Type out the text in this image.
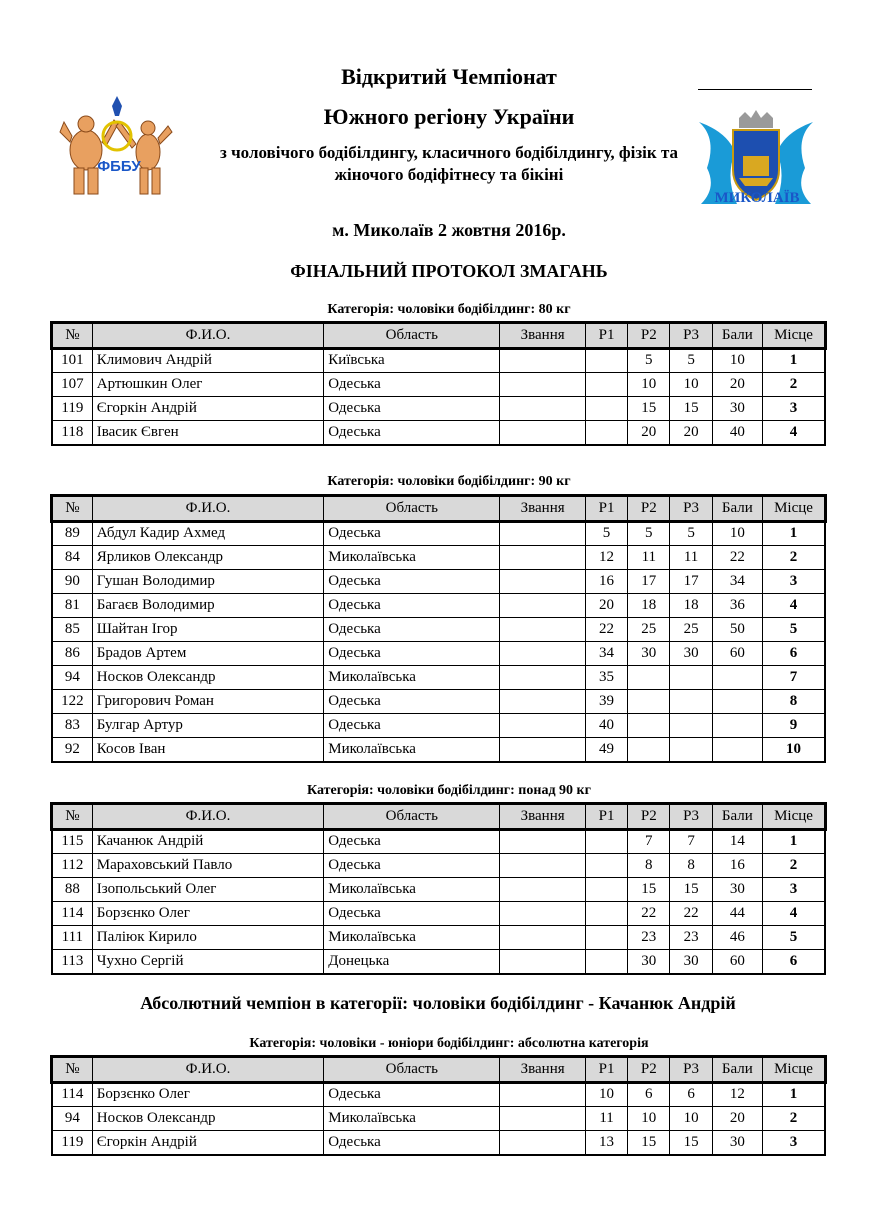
ФББУ
МИКОЛАЇВ
Відкритий Чемпіонат
Южного регіону України
з чоловічого бодібілдингу, класичного бодібілдингу, фізік та жіночого бодіфітнесу та бікіні
м. Миколаїв 2 жовтня 2016р.
ФІНАЛЬНИЙ ПРОТОКОЛ ЗМАГАНЬ
Категорія: чоловіки бодібілдинг: 80 кг
Категорія: чоловіки бодібілдинг: 90 кг
Категорія: чоловіки бодібілдинг: понад 90 кг
Категорія: чоловіки - юніори бодібілдинг: абсолютна категорія
Абсолютний чемпіон в категорії: чоловіки бодібілдинг - Качанюк Андрій
№	Ф.И.О.	Область	Звання	Р1	Р2	Р3	Бали	Місце
101	Климович Андрій	Київська			5	5	10	1
107	Артюшкин Олег	Одеська			10	10	20	2
119	Єгоркін Андрій	Одеська			15	15	30	3
118	Івасик Євген	Одеська			20	20	40	4
№	Ф.И.О.	Область	Звання	Р1	Р2	Р3	Бали	Місце
89	Абдул Кадир Ахмед	Одеська		5	5	5	10	1
84	Ярликов Олександр	Миколаївська		12	11	11	22	2
90	Гушан Володимир	Одеська		16	17	17	34	3
81	Багаєв Володимир	Одеська		20	18	18	36	4
85	Шайтан Ігор	Одеська		22	25	25	50	5
86	Брадов Артем	Одеська		34	30	30	60	6
94	Носков Олександр	Миколаївська		35				7
122	Григорович Роман	Одеська		39				8
83	Булгар Артур	Одеська		40				9
92	Косов Іван	Миколаївська		49				10
№	Ф.И.О.	Область	Звання	Р1	Р2	Р3	Бали	Місце
115	Качанюк Андрій	Одеська			7	7	14	1
112	Мараховський Павло	Одеська			8	8	16	2
88	Ізопольський Олег	Миколаївська			15	15	30	3
114	Борзєнко Олег	Одеська			22	22	44	4
111	Паліюк Кирило	Миколаївська			23	23	46	5
113	Чухно Сергій	Донецька			30	30	60	6
№	Ф.И.О.	Область	Звання	Р1	Р2	Р3	Бали	Місце
114	Борзєнко Олег	Одеська		10	6	6	12	1
94	Носков Олександр	Миколаївська		11	10	10	20	2
119	Єгоркін Андрій	Одеська		13	15	15	30	3
